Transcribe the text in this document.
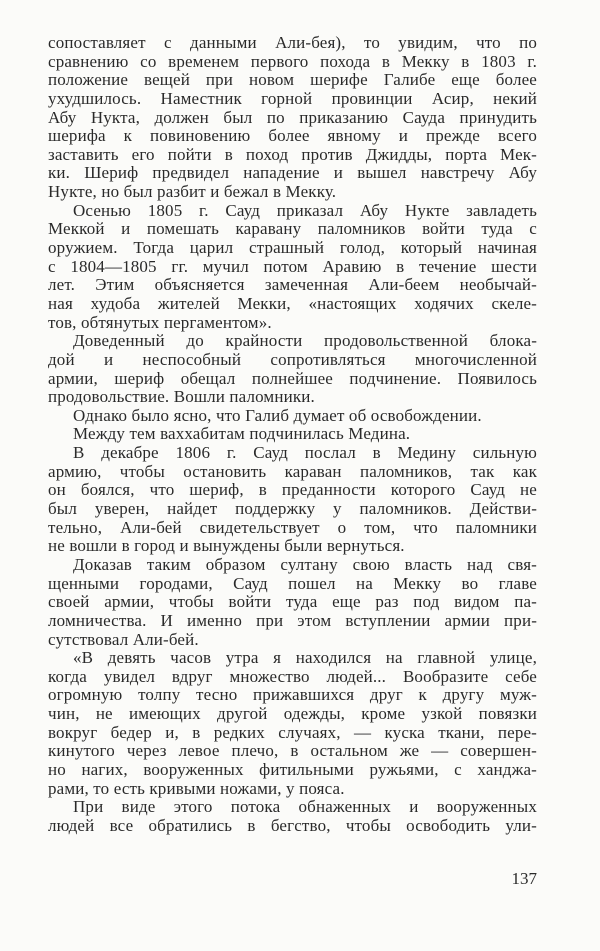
сопоставляет с данными Али-бея), то увидим, что по
сравнению со временем первого похода в Мекку в 1803 г.
положение вещей при новом шерифе Галибе еще более
ухудшилось. Наместник горной провинции Асир, некий
Абу Нукта, должен был по приказанию Сауда принудить
шерифа к повиновению более явному и прежде всего
заставить его пойти в поход против Джидды, порта Мек-
ки. Шериф предвидел нападение и вышел навстречу Абу
Нукте, но был разбит и бежал в Мекку.
Осенью 1805 г. Сауд приказал Абу Нукте завладеть
Меккой и помешать каравану паломников войти туда с
оружием. Тогда царил страшный голод, который начиная
с 1804—1805 гг. мучил потом Аравию в течение шести
лет. Этим объясняется замеченная Али-беем необычай-
ная худоба жителей Мекки, «настоящих ходячих скеле-
тов, обтянутых пергаментом».
Доведенный до крайности продовольственной блока-
дой и неспособный сопротивляться многочисленной
армии, шериф обещал полнейшее подчинение. Появилось
продовольствие. Вошли паломники.
Однако было ясно, что Галиб думает об освобождении.
Между тем ваххабитам подчинилась Медина.
В декабре 1806 г. Сауд послал в Медину сильную
армию, чтобы остановить караван паломников, так как
он боялся, что шериф, в преданности которого Сауд не
был уверен, найдет поддержку у паломников. Действи-
тельно, Али-бей свидетельствует о том, что паломники
не вошли в город и вынуждены были вернуться.
Доказав таким образом султану свою власть над свя-
щенными городами, Сауд пошел на Мекку во главе
своей армии, чтобы войти туда еще раз под видом па-
ломничества. И именно при этом вступлении армии при-
сутствовал Али-бей.
«В девять часов утра я находился на главной улице,
когда увидел вдруг множество людей... Вообразите себе
огромную толпу тесно прижавшихся друг к другу муж-
чин, не имеющих другой одежды, кроме узкой повязки
вокруг бедер и, в редких случаях, — куска ткани, пере-
кинутого через левое плечо, в остальном же — совершен-
но нагих, вооруженных фитильными ружьями, с ханджа-
рами, то есть кривыми ножами, у пояса.
При виде этого потока обнаженных и вооруженных
людей все обратились в бегство, чтобы освободить ули-
137
